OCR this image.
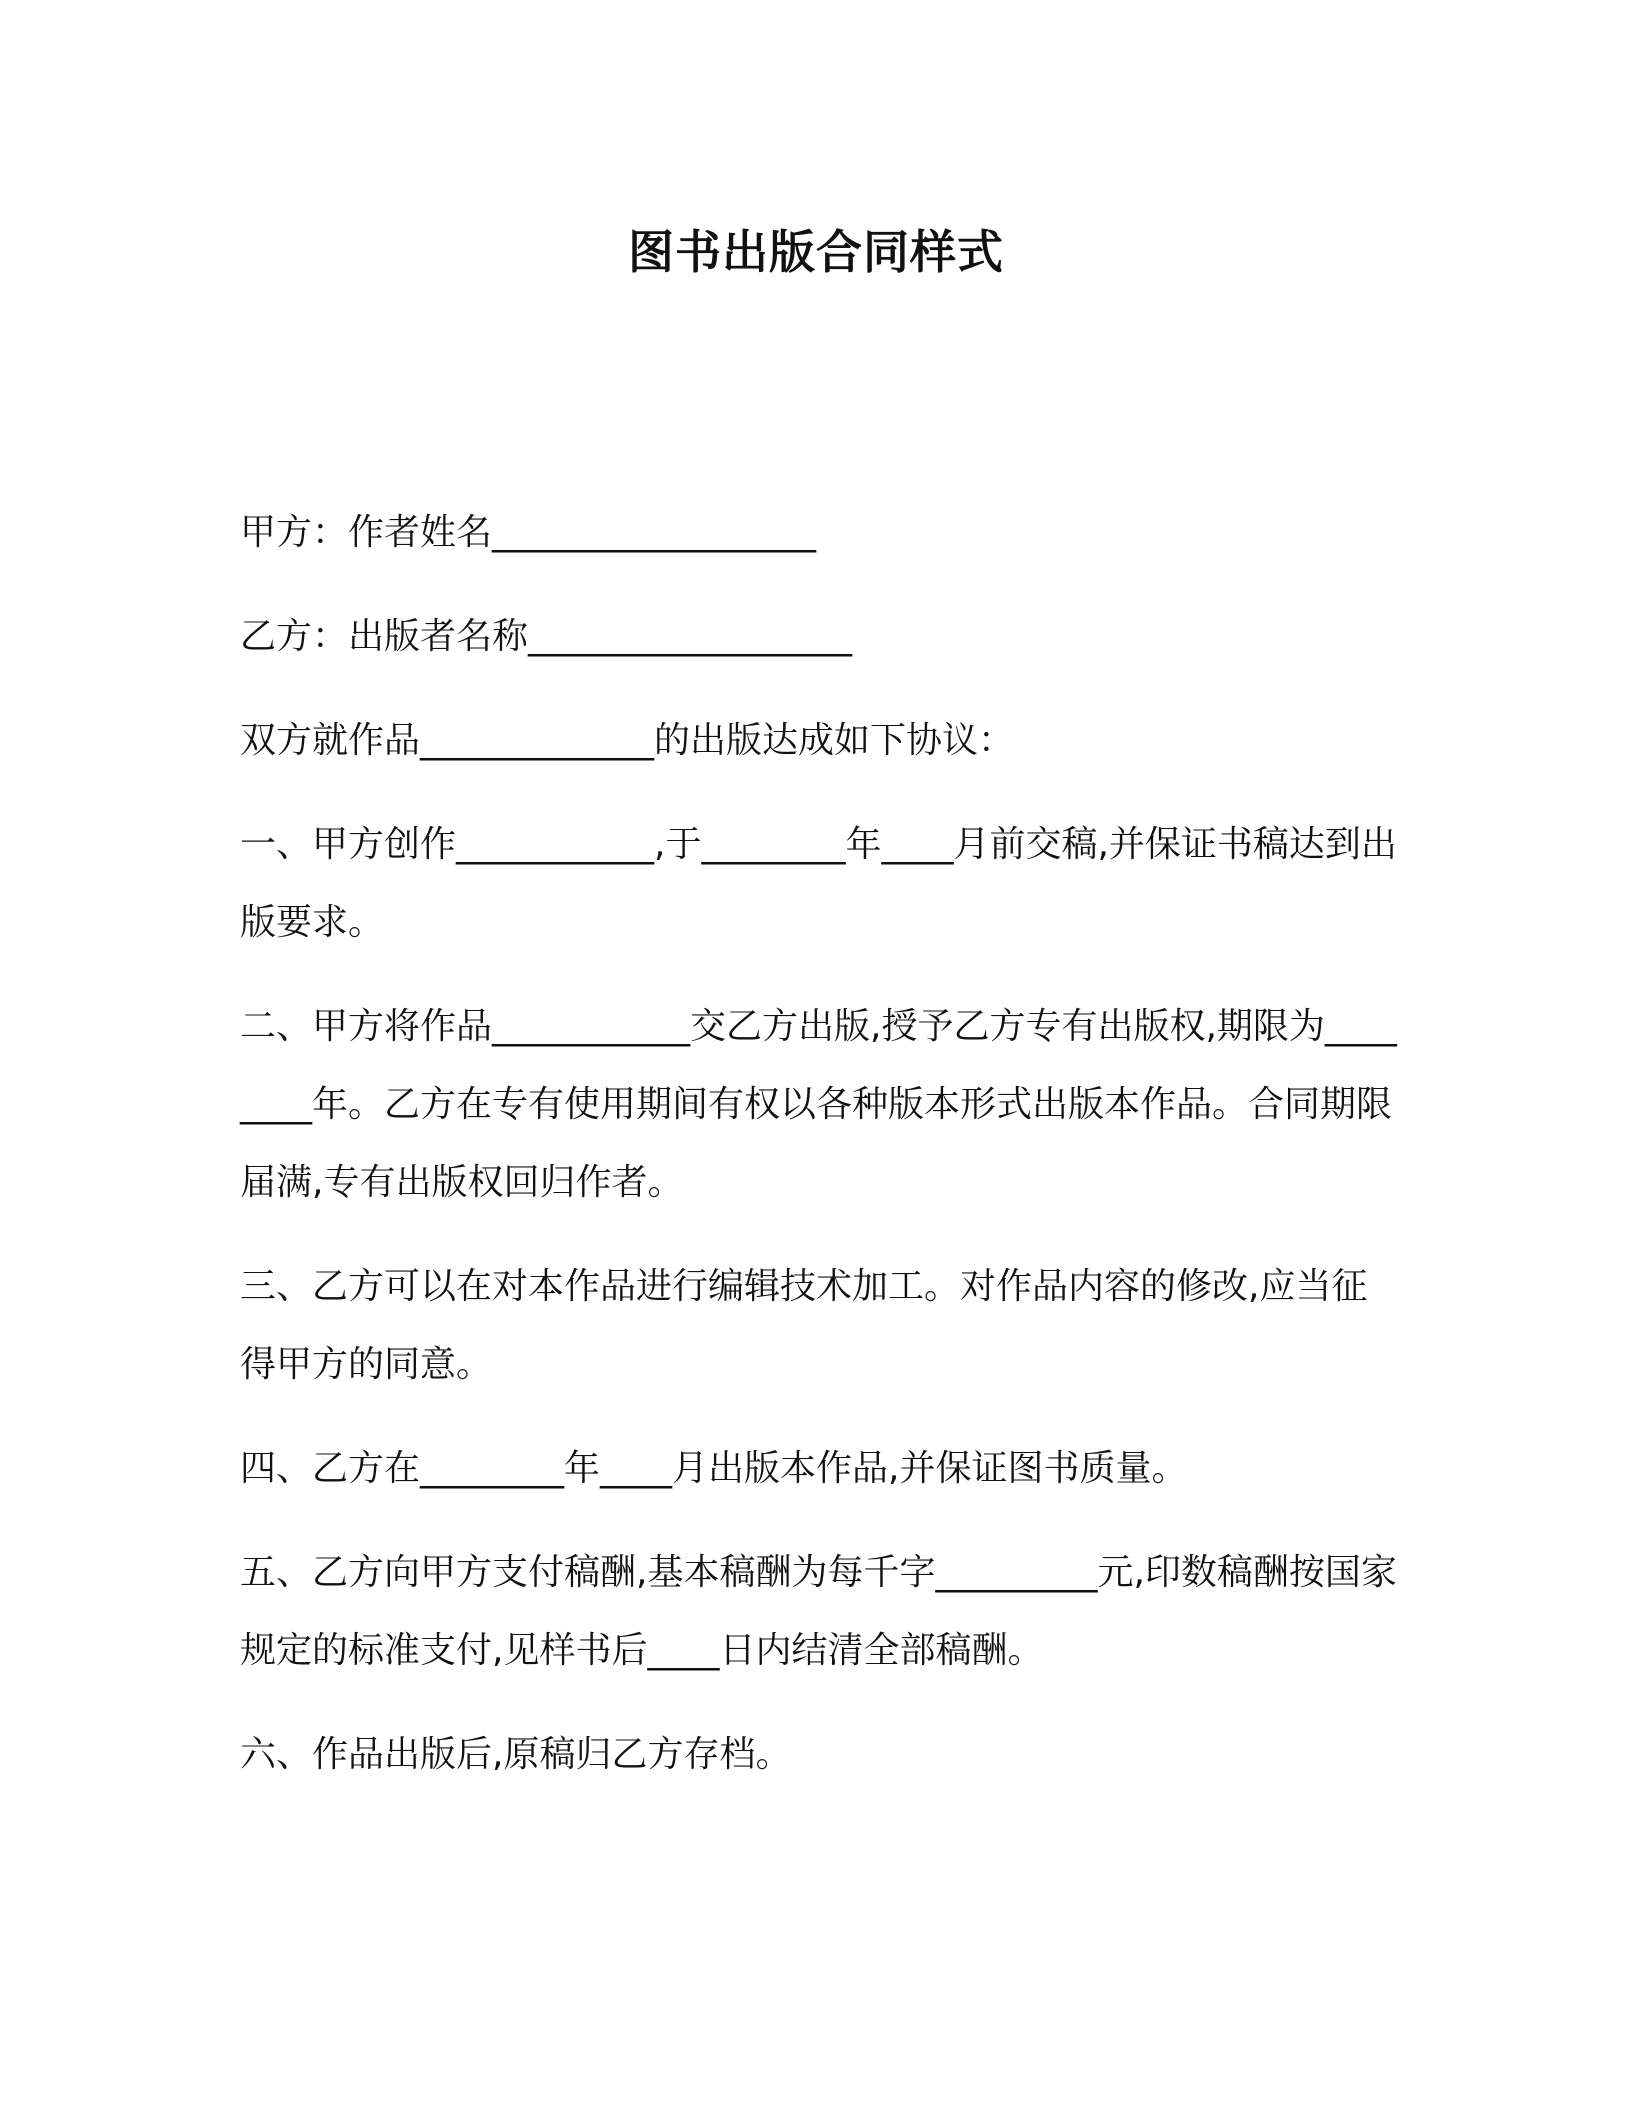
图书出版合同样式

甲方：作者姓名__________________

乙方：出版者名称__________________

双方就作品_____________的出版达成如下协议：

一、甲方创作___________,于________年____月前交稿,并保证书稿达到出版要求。

二、甲方将作品___________交乙方出版,授予乙方专有出版权,期限为________年。乙方在专有使用期间有权以各种版本形式出版本作品。合同期限届满,专有出版权回归作者。

三、乙方可以在对本作品进行编辑技术加工。对作品内容的修改,应当征得甲方的同意。

四、乙方在________年____月出版本作品,并保证图书质量。

五、乙方向甲方支付稿酬,基本稿酬为每千字_________元,印数稿酬按国家规定的标准支付,见样书后____日内结清全部稿酬。

六、作品出版后,原稿归乙方存档。
